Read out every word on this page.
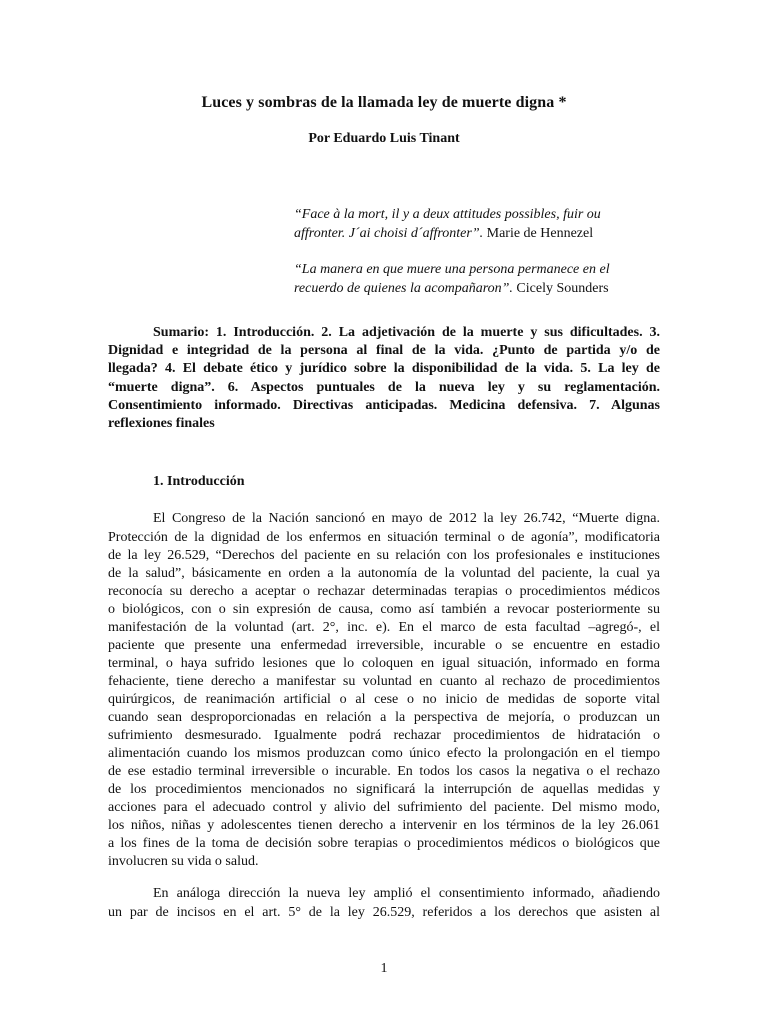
Luces y sombras de la llamada ley de muerte digna *
Por Eduardo Luis Tinant
“Face à la mort, il y a deux attitudes possibles, fuir ou
affronter. J´ai choisi d´affronter”. Marie de Hennezel
“La manera en que muere una persona permanece en el
recuerdo de quienes la acompañaron”. Cicely Sounders
Sumario: 1. Introducción. 2. La adjetivación de la muerte y sus dificultades. 3.
Dignidad e integridad de la persona al final de la vida. ¿Punto de partida y/o de
llegada? 4. El debate ético y jurídico sobre la disponibilidad de la vida. 5. La ley de
“muerte digna”. 6. Aspectos puntuales de la nueva ley y su reglamentación.
Consentimiento informado. Directivas anticipadas. Medicina defensiva. 7. Algunas
reflexiones finales
1. Introducción
El Congreso de la Nación sancionó en mayo de 2012 la ley 26.742, “Muerte digna.
Protección de la dignidad de los enfermos en situación terminal o de agonía”, modificatoria
de la ley 26.529, “Derechos del paciente en su relación con los profesionales e instituciones
de la salud”, básicamente en orden a la autonomía de la voluntad del paciente, la cual ya
reconocía su derecho a aceptar o rechazar determinadas terapias o procedimientos médicos
o biológicos, con o sin expresión de causa, como así también a revocar posteriormente su
manifestación de la voluntad (art. 2°, inc. e). En el marco de esta facultad –agregó-, el
paciente que presente una enfermedad irreversible, incurable o se encuentre en estadio
terminal, o haya sufrido lesiones que lo coloquen en igual situación, informado en forma
fehaciente, tiene derecho a manifestar su voluntad en cuanto al rechazo de procedimientos
quirúrgicos, de reanimación artificial o al cese o no inicio de medidas de soporte vital
cuando sean desproporcionadas en relación a la perspectiva de mejoría, o produzcan un
sufrimiento desmesurado. Igualmente podrá rechazar procedimientos de hidratación o
alimentación cuando los mismos produzcan como único efecto la prolongación en el tiempo
de ese estadio terminal irreversible o incurable. En todos los casos la negativa o el rechazo
de los procedimientos mencionados no significará la interrupción de aquellas medidas y
acciones para el adecuado control y alivio del sufrimiento del paciente. Del mismo modo,
los niños, niñas y adolescentes tienen derecho a intervenir en los términos de la ley 26.061
a los fines de la toma de decisión sobre terapias o procedimientos médicos o biológicos que
involucren su vida o salud.
En análoga dirección la nueva ley amplió el consentimiento informado, añadiendo
un par de incisos en el art. 5° de la ley 26.529, referidos a los derechos que asisten al
1
